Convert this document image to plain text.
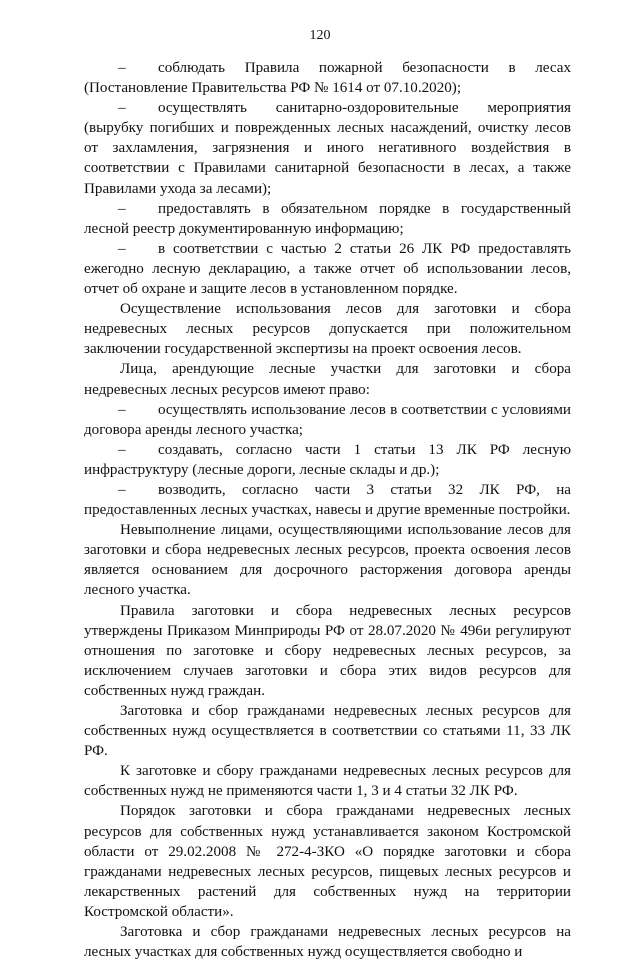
120

– соблюдать Правила пожарной безопасности в лесах (Постановление Правительства РФ № 1614 от 07.10.2020);

– осуществлять санитарно-оздоровительные мероприятия (вырубку погибших и поврежденных лесных насаждений, очистку лесов от захламления, загрязнения и иного негативного воздействия в соответствии с Правилами санитарной безопасности в лесах, а также Правилами ухода за лесами);

– предоставлять в обязательном порядке в государственный лесной реестр документированную информацию;

– в соответствии с частью 2 статьи 26 ЛК РФ предоставлять ежегодно лесную декларацию, а также отчет об использовании лесов, отчет об охране и защите лесов в установленном порядке.

Осуществление использования лесов для заготовки и сбора недревесных лесных ресурсов допускается при положительном заключении государственной экспертизы на проект освоения лесов.

Лица, арендующие лесные участки для заготовки и сбора недревесных лесных ресурсов имеют право:

– осуществлять использование лесов в соответствии с условиями договора аренды лесного участка;

– создавать, согласно части 1 статьи 13 ЛК РФ лесную инфраструктуру (лесные дороги, лесные склады и др.);

– возводить, согласно части 3 статьи 32 ЛК РФ, на предоставленных лесных участках, навесы и другие временные постройки.

Невыполнение лицами, осуществляющими использование лесов для заготовки и сбора недревесных лесных ресурсов, проекта освоения лесов является основанием для досрочного расторжения договора аренды лесного участка.

Правила заготовки и сбора недревесных лесных ресурсов утверждены Приказом Минприроды РФ от 28.07.2020 № 496и регулируют отношения по заготовке и сбору недревесных лесных ресурсов, за исключением случаев заготовки и сбора этих видов ресурсов для собственных нужд граждан.

Заготовка и сбор гражданами недревесных лесных ресурсов для собственных нужд осуществляется в соответствии со статьями 11, 33 ЛК РФ.

К заготовке и сбору гражданами недревесных лесных ресурсов для собственных нужд не применяются части 1, 3 и 4 статьи 32 ЛК РФ.

Порядок заготовки и сбора гражданами недревесных лесных ресурсов для собственных нужд устанавливается законом Костромской области от 29.02.2008 № 272-4-ЗКО «О порядке заготовки и сбора гражданами недревесных лесных ресурсов, пищевых лесных ресурсов и лекарственных растений для собственных нужд на территории Костромской области».

Заготовка и сбор гражданами недревесных лесных ресурсов на лесных участках для собственных нужд осуществляется свободно и
